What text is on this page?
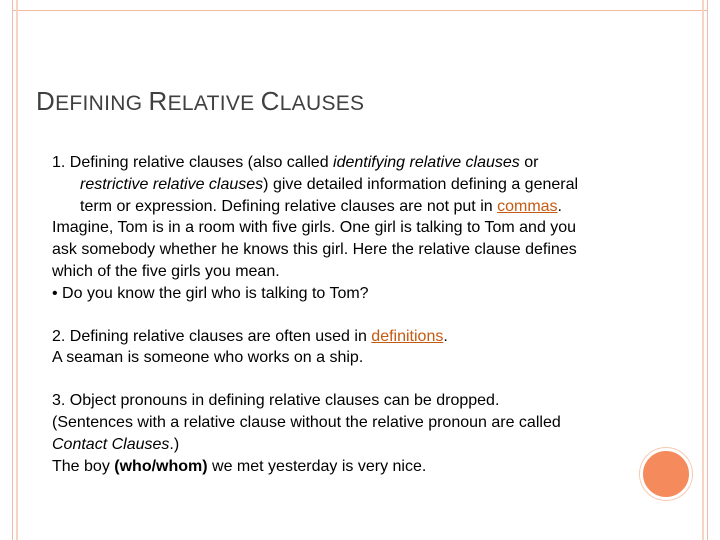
DEFINING RELATIVE CLAUSES
1. Defining relative clauses (also called identifying relative clauses or
restrictive relative clauses) give detailed information defining a general
term or expression. Defining relative clauses are not put in commas.
Imagine, Tom is in a room with five girls. One girl is talking to Tom and you
ask somebody whether he knows this girl. Here the relative clause defines
which of the five girls you mean.
• Do you know the girl who is talking to Tom?
2. Defining relative clauses are often used in definitions.
A seaman is someone who works on a ship.
3. Object pronouns in defining relative clauses can be dropped.
(Sentences with a relative clause without the relative pronoun are called
Contact Clauses.)
The boy (who/whom) we met yesterday is very nice.
